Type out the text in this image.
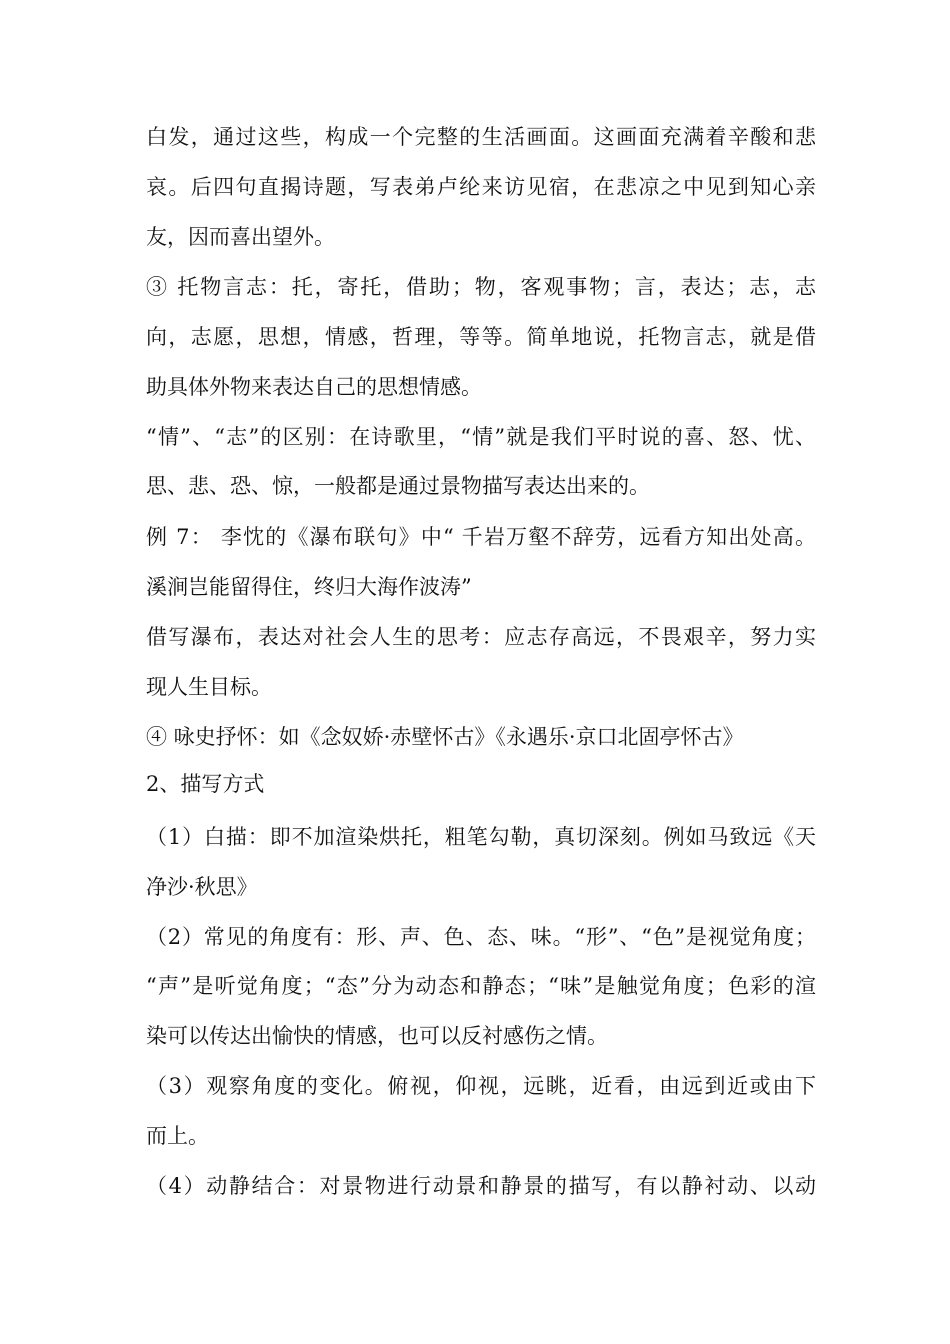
白发，通过这些，构成一个完整的生活画面。这画面充满着辛酸和悲
哀。后四句直揭诗题，写表弟卢纶来访见宿，在悲凉之中见到知心亲
友，因而喜出望外。
③ 托物言志：托，寄托，借助；物，客观事物；言，表达；志，志
向，志愿，思想，情感，哲理，等等。简单地说，托物言志，就是借
助具体外物来表达自己的思想情感。
“情”、“志”的区别：在诗歌里，“情”就是我们平时说的喜、怒、忧、
思、悲、恐、惊，一般都是通过景物描写表达出来的。
例 7： 李忱的《瀑布联句》中“ 千岩万壑不辞劳，远看方知出处高。
溪涧岂能留得住，终归大海作波涛”
借写瀑布，表达对社会人生的思考：应志存高远，不畏艰辛，努力实
现人生目标。
④ 咏史抒怀：如《念奴娇·赤壁怀古》《永遇乐·京口北固亭怀古》
2、描写方式
（1）白描：即不加渲染烘托，粗笔勾勒，真切深刻。例如马致远《天
净沙·秋思》
（2）常见的角度有：形、声、色、态、味。“形”、“色”是视觉角度；
“声”是听觉角度；“态”分为动态和静态；“味”是触觉角度；色彩的渲
染可以传达出愉快的情感，也可以反衬感伤之情。
（3）观察角度的变化。俯视，仰视，远眺，近看，由远到近或由下
而上。
（4）动静结合：对景物进行动景和静景的描写，有以静衬动、以动
